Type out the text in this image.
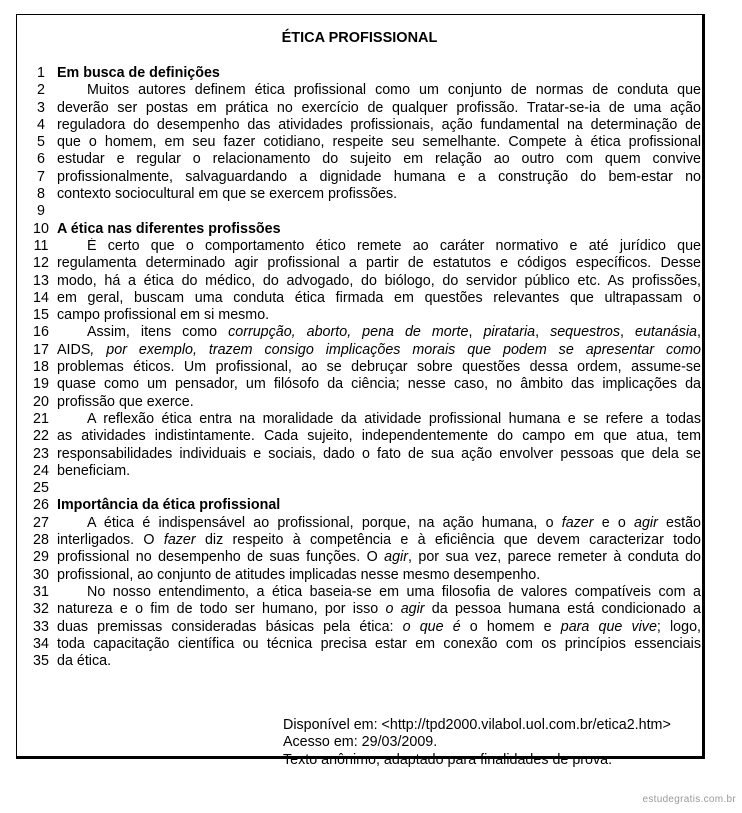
ÉTICA PROFISSIONAL
1 Em busca de definições
2	Muitos autores definem ética profissional como um conjunto de normas de conduta que
3 deverão ser postas em prática no exercício de qualquer profissão. Tratar-se-ia de uma ação
4 reguladora do desempenho das atividades profissionais, ação fundamental na determinação de
5 que o homem, em seu fazer cotidiano, respeite seu semelhante. Compete à ética profissional
6 estudar e regular o relacionamento do sujeito em relação ao outro com quem convive
7 profissionalmente, salvaguardando a dignidade humana e a construção do bem-estar no
8 contexto sociocultural em que se exercem profissões.
9
10 A ética nas diferentes profissões
11	É certo que o comportamento ético remete ao caráter normativo e até jurídico que
12 regulamenta determinado agir profissional a partir de estatutos e códigos específicos. Desse
13 modo, há a ética do médico, do advogado, do biólogo, do servidor público etc. As profissões,
14 em geral, buscam uma conduta ética firmada em questões relevantes que ultrapassam o
15 campo profissional em si mesmo.
16	Assim, itens como corrupção, aborto, pena de morte, pirataria, sequestros, eutanásia,
17 AIDS, por exemplo, trazem consigo implicações morais que podem se apresentar como
18 problemas éticos. Um profissional, ao se debruçar sobre questões dessa ordem, assume-se
19 quase como um pensador, um filósofo da ciência; nesse caso, no âmbito das implicações da
20 profissão que exerce.
21	A reflexão ética entra na moralidade da atividade profissional humana e se refere a todas
22 as atividades indistintamente. Cada sujeito, independentemente do campo em que atua, tem
23 responsabilidades individuais e sociais, dado o fato de sua ação envolver pessoas que dela se
24 beneficiam.
25
26 Importância da ética profissional
27	A ética é indispensável ao profissional, porque, na ação humana, o fazer e o agir estão
28 interligados. O fazer diz respeito à competência e à eficiência que devem caracterizar todo
29 profissional no desempenho de suas funções. O agir, por sua vez, parece remeter à conduta do
30 profissional, ao conjunto de atitudes implicadas nesse mesmo desempenho.
31	No nosso entendimento, a ética baseia-se em uma filosofia de valores compatíveis com a
32 natureza e o fim de todo ser humano, por isso o agir da pessoa humana está condicionado a
33 duas premissas consideradas básicas pela ética: o que é o homem e para que vive; logo,
34 toda capacitação científica ou técnica precisa estar em conexão com os princípios essenciais
35 da ética.
Disponível em: <http://tpd2000.vilabol.uol.com.br/etica2.htm>
Acesso em: 29/03/2009.
Texto anônimo, adaptado para finalidades de prova.
estudegratis.com.br
